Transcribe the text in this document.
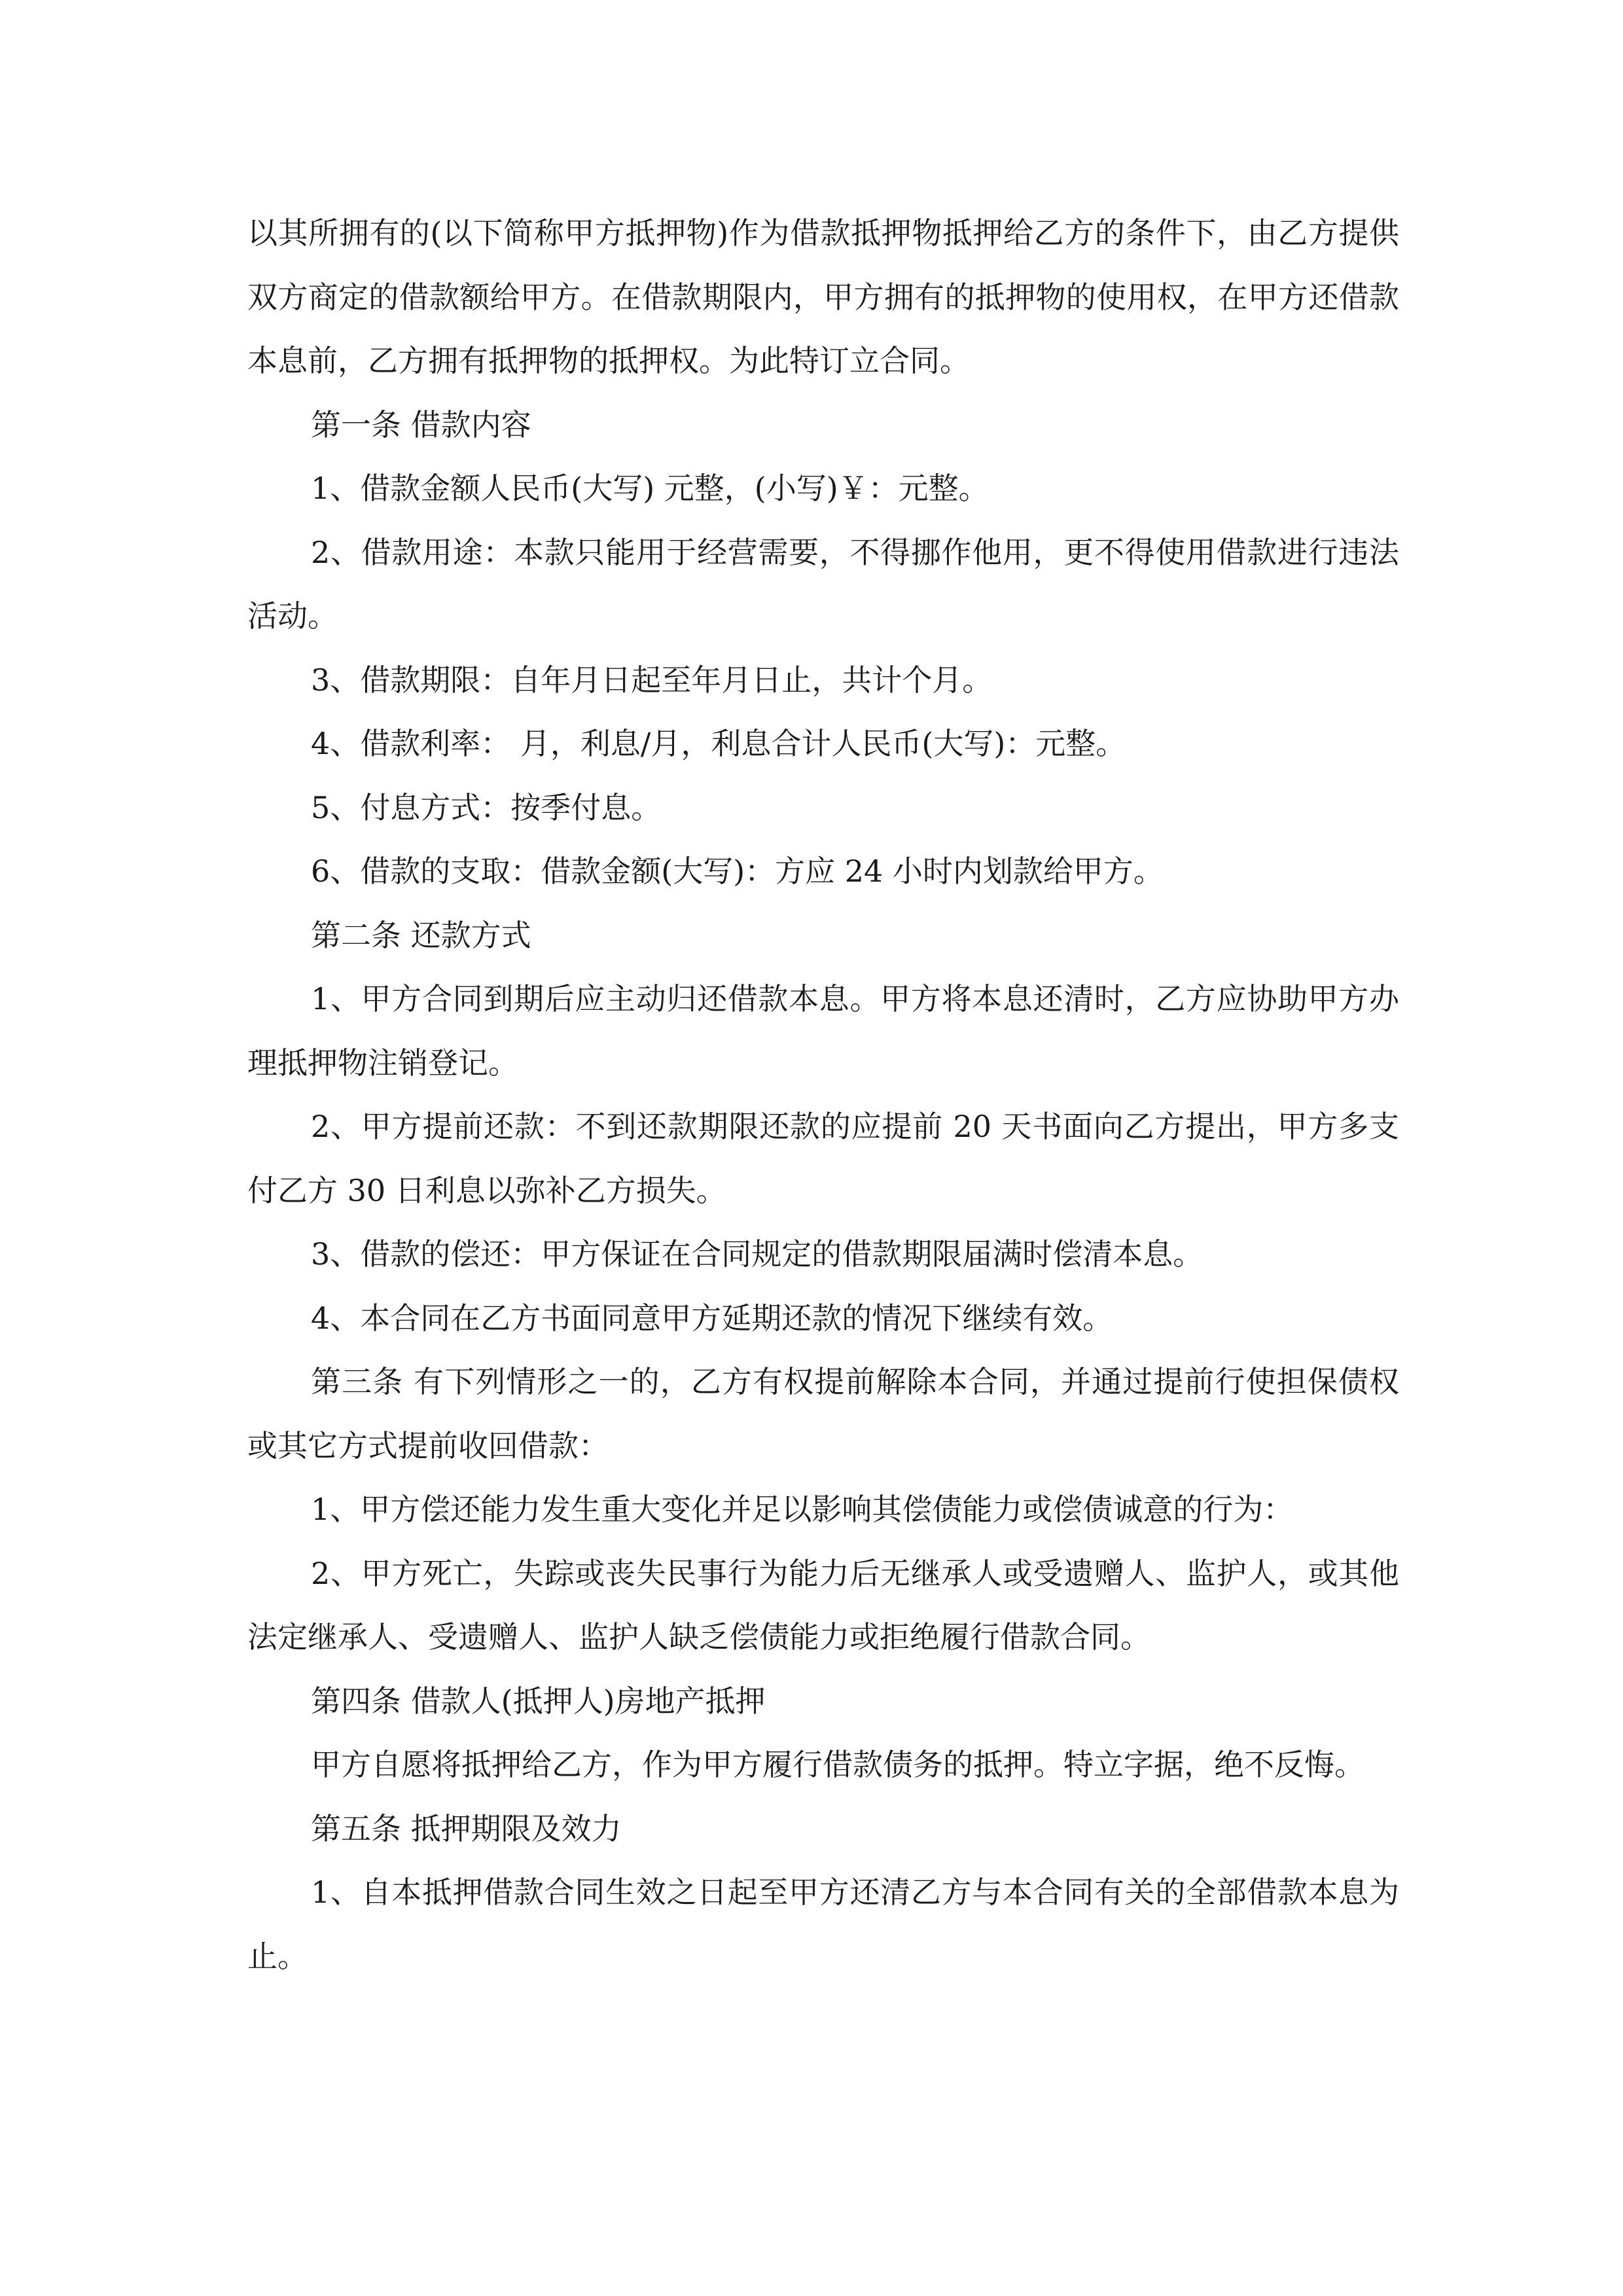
以其所拥有的(以下简称甲方抵押物)作为借款抵押物抵押给乙方的条件下，由乙方提供双方商定的借款额给甲方。在借款期限内，甲方拥有的抵押物的使用权，在甲方还借款本息前，乙方拥有抵押物的抵押权。为此特订立合同。

第一条 借款内容

1、借款金额人民币(大写) 元整，(小写)￥：元整。

2、借款用途：本款只能用于经营需要，不得挪作他用，更不得使用借款进行违法活动。

3、借款期限：自年月日起至年月日止，共计个月。

4、借款利率： 月，利息/月，利息合计人民币(大写)：元整。

5、付息方式：按季付息。

6、借款的支取：借款金额(大写)：方应 24 小时内划款给甲方。

第二条 还款方式

1、甲方合同到期后应主动归还借款本息。甲方将本息还清时，乙方应协助甲方办理抵押物注销登记。

2、甲方提前还款：不到还款期限还款的应提前 20 天书面向乙方提出，甲方多支付乙方 30 日利息以弥补乙方损失。

3、借款的偿还：甲方保证在合同规定的借款期限届满时偿清本息。

4、本合同在乙方书面同意甲方延期还款的情况下继续有效。

第三条 有下列情形之一的，乙方有权提前解除本合同，并通过提前行使担保债权或其它方式提前收回借款：

1、甲方偿还能力发生重大变化并足以影响其偿债能力或偿债诚意的行为：

2、甲方死亡，失踪或丧失民事行为能力后无继承人或受遗赠人、监护人，或其他法定继承人、受遗赠人、监护人缺乏偿债能力或拒绝履行借款合同。

第四条 借款人(抵押人)房地产抵押

甲方自愿将抵押给乙方，作为甲方履行借款债务的抵押。特立字据，绝不反悔。

第五条 抵押期限及效力

1、自本抵押借款合同生效之日起至甲方还清乙方与本合同有关的全部借款本息为止。
